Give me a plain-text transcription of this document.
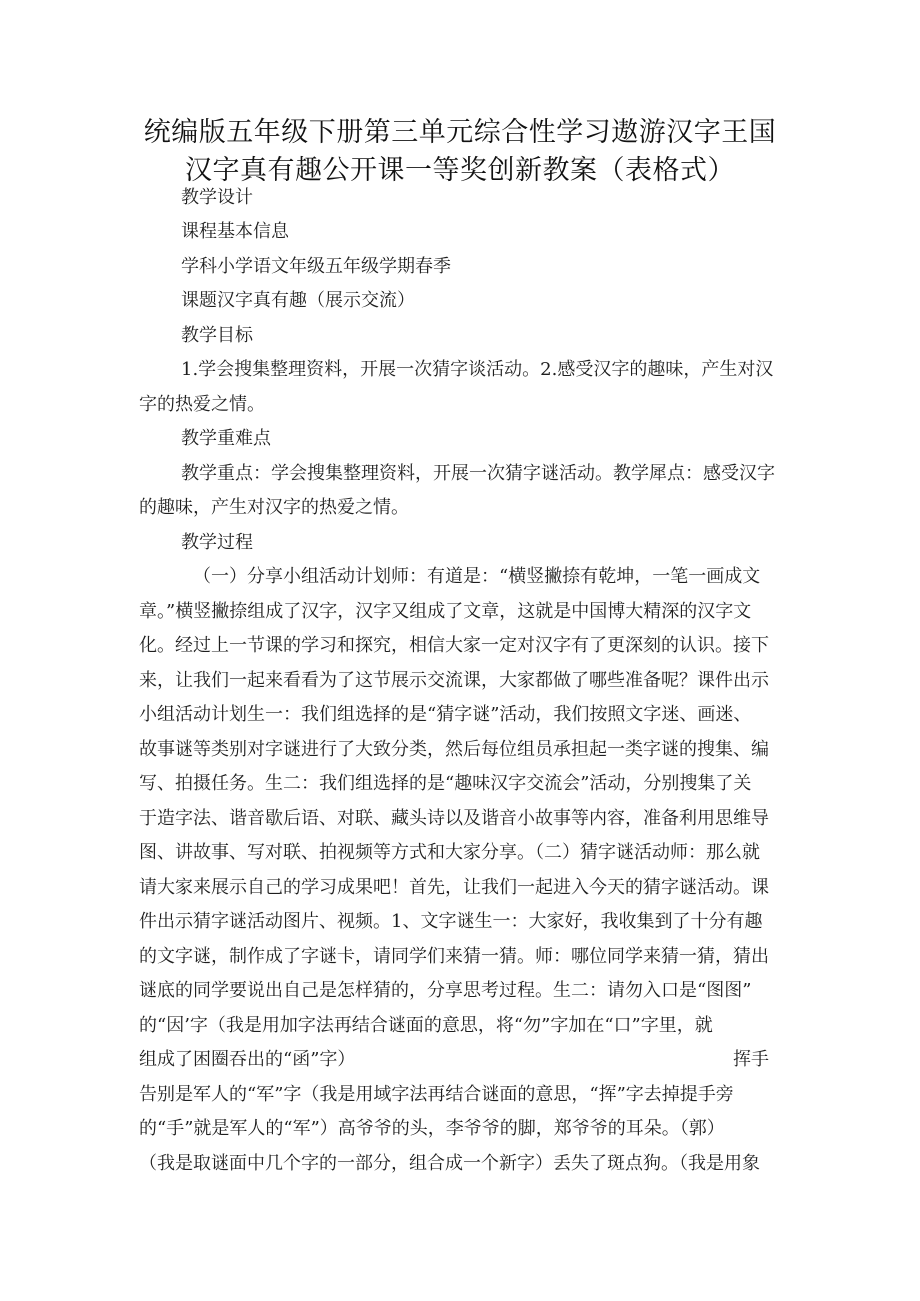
统编版五年级下册第三单元综合性学习遨游汉字王国
汉字真有趣公开课一等奖创新教案（表格式）
教学设计
课程基本信息
学科小学语文年级五年级学期春季
课题汉字真有趣（展示交流）
教学目标
1.学会搜集整理资料，开展一次猜字谈活动。2.感受汉字的趣味，产生对汉
字的热爱之情。
教学重难点
教学重点：学会搜集整理资料，开展一次猜字谜活动。教学犀点：感受汉字
的趣味，产生对汉字的热爱之情。
教学过程
（一）分享小组活动计划师：有道是：“横竖撇捺有乾坤，一笔一画成文
章。”横竖撇捺组成了汉字，汉字又组成了文章，这就是中国博大精深的汉字文
化。经过上一节课的学习和探究，相信大家一定对汉字有了更深刻的认识。接下
来，让我们一起来看看为了这节展示交流课，大家都做了哪些准备呢？课件出示
小组活动计划生一：我们组选择的是“猜字谜”活动，我们按照文字迷、画迷、
故事谜等类别对字谜进行了大致分类，然后每位组员承担起一类字谜的搜集、编
写、拍摄任务。生二：我们组选择的是“趣味汉字交流会”活动，分别搜集了关
于造字法、谐音歇后语、对联、藏头诗以及谐音小故事等内容，准备利用思维导
图、讲故事、写对联、拍视频等方式和大家分享。（二）猜字谜活动师：那么就
请大家来展示自己的学习成果吧！首先，让我们一起进入今天的猜字谜活动。课
件出示猜字谜活动图片、视频。1、文字谜生一：大家好，我收集到了十分有趣
的文字谜，制作成了字谜卡，请同学们来猜一猜。师：哪位同学来猜一猜，猜出
谜底的同学要说出自己是怎样猜的，分享思考过程。生二：请勿入口是“图图”
的“因’字（我是用加字法再结合谜面的意思，将“勿”字加在“口”字里，就
组成了困圈吞出的“函”字）	挥手
告别是军人的“军”字（我是用域字法再结合谜面的意思，“挥”字去掉提手旁
的“手”就是军人的“军”）高爷爷的头，李爷爷的脚，郑爷爷的耳朵。（郭）
（我是取谜面中几个字的一部分，组合成一个新字）丢失了斑点狗。（我是用象
